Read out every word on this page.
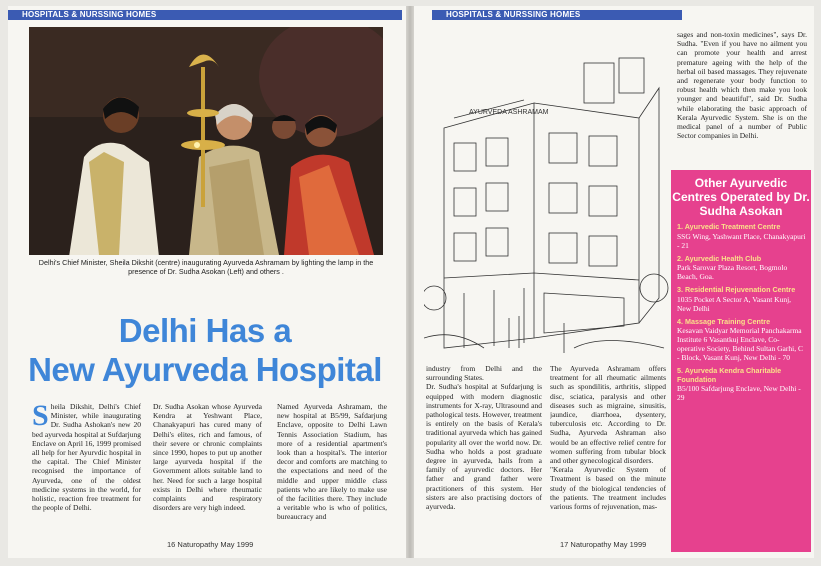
HOSPITALS & NURSSING HOMES
Delhi's Chief Minister, Sheila Dikshit (centre) inaugurating Ayurveda Ashramam by lighting the lamp in the presence of Dr. Sudha Asokan (Left) and others .
Delhi Has a
New Ayurveda Hospital
S heila Dikshit, Delhi's Chief Minister, while inaugurating Dr. Sudha Ashokan's new 20 bed ayurveda hospital at Sufdarjung Enclave on April 16, 1999 promised all help for her Ayurvdic hospital in the capital. The Chief Minister recognised the importance of Ayurveda, one of the oldest medicine systems in the world, for holistic, reaction free treatment for the people of Delhi.
Dr. Sudha Asokan whose Ayurveda Kendra at Yeshwant Place, Chanakyapuri has cured many of Delhi's elites, rich and famous, of their severe or chronic complaints since 1990, hopes to put up another large ayurveda hospital if the Government allots suitable land to her. Need for such a large hospital exists in Delhi where rheumatic complaints and respiratory disorders are very high indeed.
Named Ayurveda Ashramam, the new hospital at B5/99, Safdarjung Enclave, opposite to Delhi Lawn Tennis Association Stadium, has more of a residential apartment's look than a hospital's. The interior decor and comforts are matching to the expectations and need of the middle and upper middle class patients who are likely to make use of the facilities there. They include a veritable who is who of politics, bureaucracy and
16 Naturopathy May 1999
HOSPITALS & NURSSING HOMES
AYURVEDA ASHRAMAM
sages and non-toxin medicines", says Dr. Sudha. "Even if you have no ailment you can promote your health and arrest premature ageing with the help of the herbal oil based massages. They rejuvenate and regenerate your body function to robust health which then make you look younger and beautiful", said Dr. Sudha while elaborating the basic approach of Kerala Ayurvedic System. She is on the medical panel of a number of Public Sector companies in Delhi.
industry from Delhi and the surrounding States.
Dr. Sudha's hospital at Sufdarjung is equipped with modern diagnostic instruments for X-ray, Ultrasound and pathological tests. However, treatment is entirely on the basis of Kerala's traditional ayurveda which has gained popularity all over the world now. Dr. Sudha who holds a post graduate degree in ayurveda, hails from a family of ayurvedic doctors. Her father and grand father were practitioners of this system. Her sisters are also practising doctors of ayurveda.
The Ayurveda Ashramam offers treatment for all rheumatic ailments such as spondilitis, arthritis, slipped disc, sciatica, paralysis and other diseases such as migraine, sinusitis, jaundice, diarrhoea, dysentery, tuberculosis etc. According to Dr. Sudha, Ayurveda Ashraman also would be an effective relief centre for women suffering from tubular block and other gynecological disorders.
"Kerala Ayurvedic System of Treatment is based on the minute study of the biological tendencies of the patients. The treatment includes various forms of rejuvenation, mas-
Other Ayurvedic Centres Operated by Dr. Sudha Asokan
1. Ayurvedic Treatment Centre
SSG Wing, Yashwant Place, Chanakyapuri - 21
2. Ayurvedic Health Club
Park Sarovar Plaza Resort, Bogmolo Beach, Goa.
3. Residential Rejuvenation Centre
1035 Pocket A Sector A, Vasant Kunj, New Delhi
4. Massage Training Centre
Kesavan Vaidyar Memorial Panchakarma Institute 6 Vasantkuj Enclave, Co-operative Society, Behind Sultan Garhi, C - Block, Vasant Kunj, New Delhi - 70
5. Ayurveda Kendra Charitable Foundation
B5/100 Safdarjung Enclave, New Delhi - 29
17 Naturopathy May 1999
